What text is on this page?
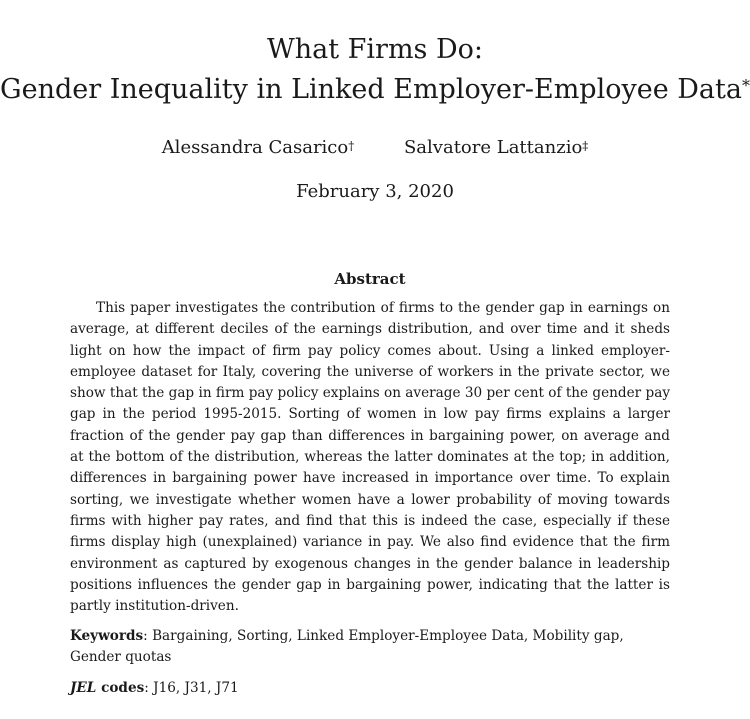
What Firms Do:
Gender Inequality in Linked Employer-Employee Data*
Alessandra Casarico†	Salvatore Lattanzio‡
February 3, 2020
Abstract
This paper investigates the contribution of firms to the gender gap in earnings on average, at different deciles of the earnings distribution, and over time and it sheds light on how the impact of firm pay policy comes about. Using a linked employer-employee dataset for Italy, covering the universe of workers in the private sector, we show that the gap in firm pay policy explains on average 30 per cent of the gender pay gap in the period 1995-2015. Sorting of women in low pay firms explains a larger fraction of the gender pay gap than differences in bargaining power, on average and at the bottom of the distribution, whereas the latter dominates at the top; in addition, differences in bargaining power have increased in importance over time. To explain sorting, we investigate whether women have a lower probability of moving towards firms with higher pay rates, and find that this is indeed the case, especially if these firms display high (unexplained) variance in pay. We also find evidence that the firm environment as captured by exogenous changes in the gender balance in leadership positions influences the gender gap in bargaining power, indicating that the latter is partly institution-driven.
Keywords: Bargaining, Sorting, Linked Employer-Employee Data, Mobility gap, Gender quotas
JEL codes: J16, J31, J71
